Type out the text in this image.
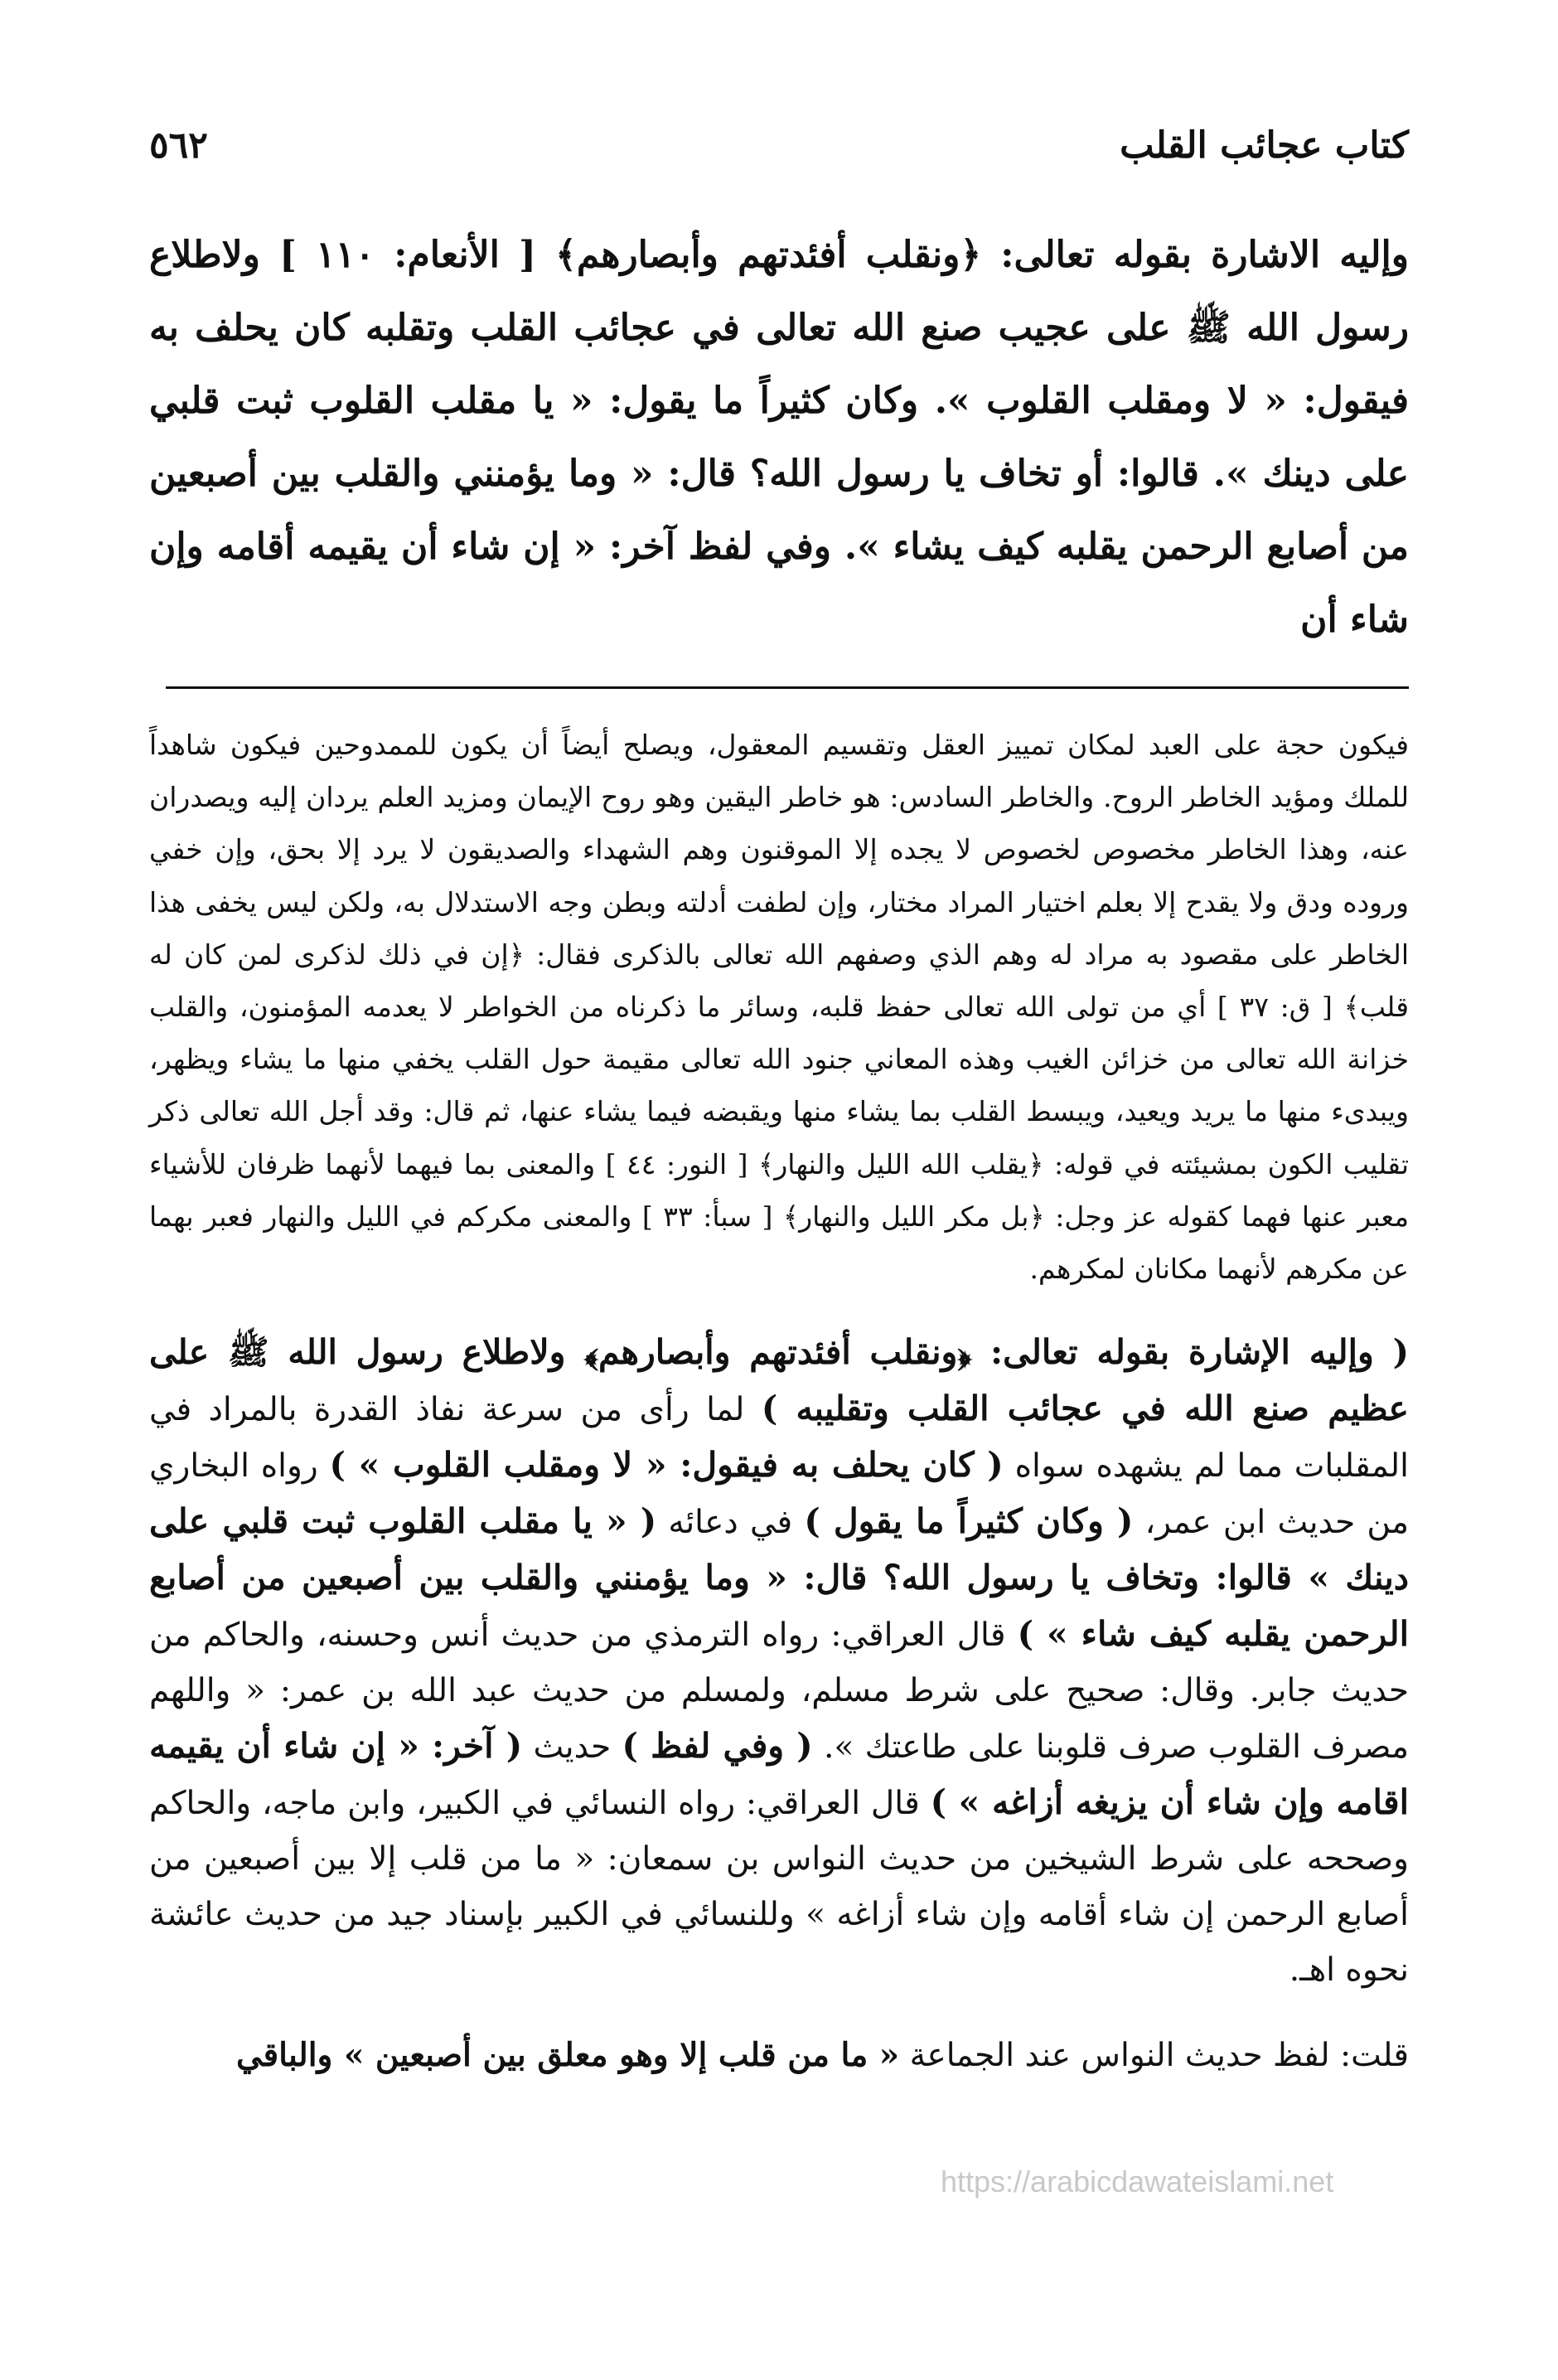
كتاب عجائب القلب
٥٦٢
وإليه الاشارة بقوله تعالى: ﴿ونقلب أفئدتهم وأبصارهم﴾ [ الأنعام: ١١٠ ] ولاطلاع رسول الله ﷺ على عجيب صنع الله تعالى في عجائب القلب وتقلبه كان يحلف به فيقول: « لا ومقلب القلوب ». وكان كثيراً ما يقول: « يا مقلب القلوب ثبت قلبي على دينك ». قالوا: أو تخاف يا رسول الله؟ قال: « وما يؤمنني والقلب بين أصبعين من أصابع الرحمن يقلبه كيف يشاء ». وفي لفظ آخر: « إن شاء أن يقيمه أقامه وإن شاء أن
فيكون حجة على العبد لمكان تمييز العقل وتقسيم المعقول، ويصلح أيضاً أن يكون للممدوحين فيكون شاهداً للملك ومؤيد الخاطر الروح. والخاطر السادس: هو خاطر اليقين وهو روح الإيمان ومزيد العلم يردان إليه ويصدران عنه، وهذا الخاطر مخصوص لخصوص لا يجده إلا الموقنون وهم الشهداء والصديقون لا يرد إلا بحق، وإن خفي وروده ودق ولا يقدح إلا بعلم اختيار المراد مختار، وإن لطفت أدلته وبطن وجه الاستدلال به، ولكن ليس يخفى هذا الخاطر على مقصود به مراد له وهم الذي وصفهم الله تعالى بالذكرى فقال: ﴿إن في ذلك لذكرى لمن كان له قلب﴾ [ ق: ٣٧ ] أي من تولى الله تعالى حفظ قلبه، وسائر ما ذكرناه من الخواطر لا يعدمه المؤمنون، والقلب خزانة الله تعالى من خزائن الغيب وهذه المعاني جنود الله تعالى مقيمة حول القلب يخفي منها ما يشاء ويظهر، ويبدىء منها ما يريد ويعيد، ويبسط القلب بما يشاء منها ويقبضه فيما يشاء عنها، ثم قال: وقد أجل الله تعالى ذكر تقليب الكون بمشيئته في قوله: ﴿يقلب الله الليل والنهار﴾ [ النور: ٤٤ ] والمعنى بما فيهما لأنهما ظرفان للأشياء معبر عنها فهما كقوله عز وجل: ﴿بل مكر الليل والنهار﴾ [ سبأ: ٣٣ ] والمعنى مكركم في الليل والنهار فعبر بهما عن مكرهم لأنهما مكانان لمكرهم.
( وإليه الإشارة بقوله تعالى: ﴿ونقلب أفئدتهم وأبصارهم﴾ ولاطلاع رسول الله ﷺ على عظيم صنع الله في عجائب القلب وتقليبه ) لما رأى من سرعة نفاذ القدرة بالمراد في المقلبات مما لم يشهده سواه ( كان يحلف به فيقول: « لا ومقلب القلوب » ) رواه البخاري من حديث ابن عمر، ( وكان كثيراً ما يقول ) في دعائه ( « يا مقلب القلوب ثبت قلبي على دينك » قالوا: وتخاف يا رسول الله؟ قال: « وما يؤمنني والقلب بين أصبعين من أصابع الرحمن يقلبه كيف شاء » ) قال العراقي: رواه الترمذي من حديث أنس وحسنه، والحاكم من حديث جابر. وقال: صحيح على شرط مسلم، ولمسلم من حديث عبد الله بن عمر: « واللهم مصرف القلوب صرف قلوبنا على طاعتك ». ( وفي لفظ ) حديث ( آخر: « إن شاء أن يقيمه اقامه وإن شاء أن يزيغه أزاغه » ) قال العراقي: رواه النسائي في الكبير، وابن ماجه، والحاكم وصححه على شرط الشيخين من حديث النواس بن سمعان: « ما من قلب إلا بين أصبعين من أصابع الرحمن إن شاء أقامه وإن شاء أزاغه » وللنسائي في الكبير بإسناد جيد من حديث عائشة نحوه اهـ.
قلت: لفظ حديث النواس عند الجماعة « ما من قلب إلا وهو معلق بين أصبعين » والباقي
https://arabicdawateislami.net
